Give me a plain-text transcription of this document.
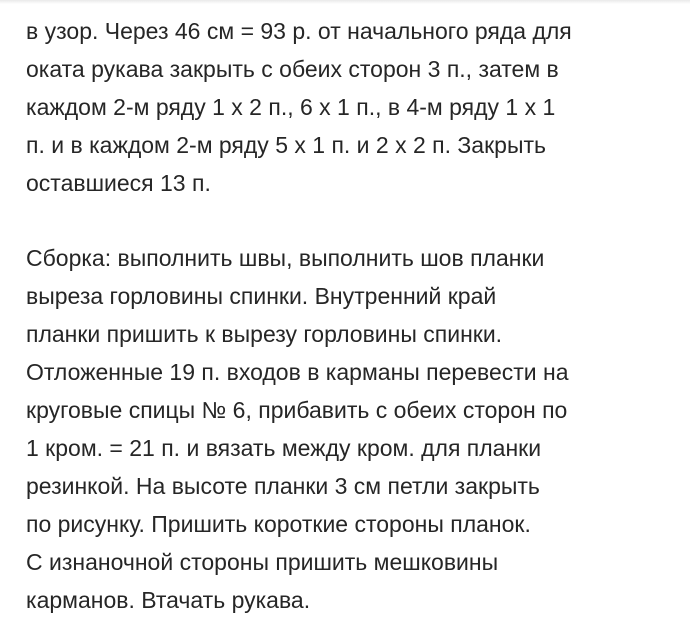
в узор. Через 46 см = 93 р. от начального ряда для
оката рукава закрыть с обеих сторон 3 п., затем в
каждом 2-м ряду 1 х 2 п., 6 х 1 п., в 4-м ряду 1 х 1
п. и в каждом 2-м ряду 5 х 1 п. и 2 х 2 п. Закрыть
оставшиеся 13 п.
Сборка: выполнить швы, выполнить шов планки
выреза горловины спинки. Внутренний край
планки пришить к вырезу горловины спинки.
Отложенные 19 п. входов в карманы перевести на
круговые спицы № 6, прибавить с обеих сторон по
1 кром. = 21 п. и вязать между кром. для планки
резинкой. На высоте планки 3 см петли закрыть
по рисунку. Пришить короткие стороны планок.
С изнаночной стороны пришить мешковины
карманов. Втачать рукава.
